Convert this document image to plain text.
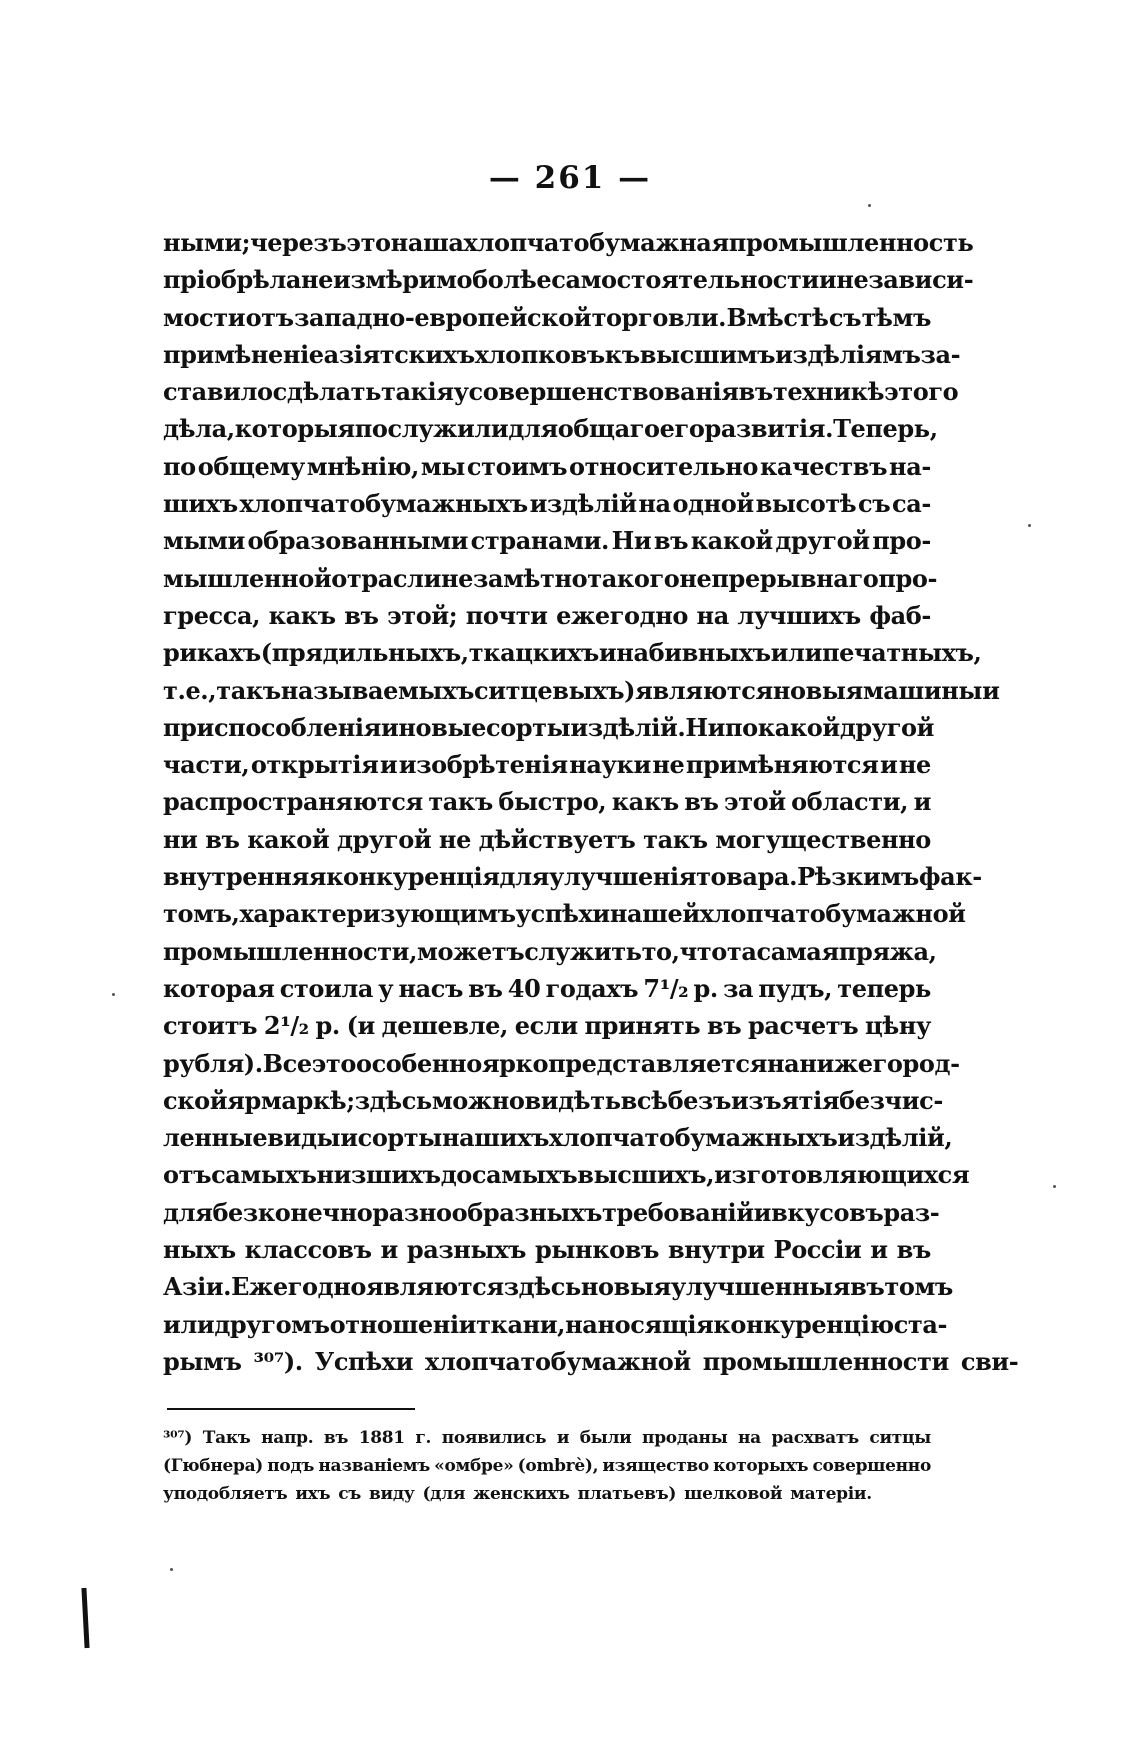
— 261 —
ными; черезъ это наша хлопчатобумажная промышленность
пріобрѣла неизмѣримо болѣе самостоятельности и независи-
мости отъ западно-европейской торговли. Вмѣстѣ съ тѣмъ
примѣненіе азіятскихъ хлопковъ къ высшимъ издѣліямъ за-
ставило сдѣлать такія усовершенствованія въ техникѣ этого
дѣла, которыя послужили для общаго его развитія. Теперь,
по общему мнѣнію, мы стоимъ относительно качествъ на-
шихъ хлопчатобумажныхъ издѣлій на одной высотѣ съ са-
мыми образованными странами. Ни въ какой другой про-
мышленной отрасли не замѣтно такого непрерывнаго про-
гресса, какъ въ этой; почти ежегодно на лучшихъ фаб-
рикахъ (прядильныхъ, ткацкихъ и набивныхъ или печатныхъ,
т. е., такъ называемыхъ ситцевыхъ) являются новыя машины и
приспособленія и новые сорты издѣлій. Ни по какой другой
части, открытія и изобрѣтенія науки не примѣняются и не
распространяются такъ быстро, какъ въ этой области, и
ни въ какой другой не дѣйствуетъ такъ могущественно
внутренняя конкуренція для улучшенія товара. Рѣзкимъ фак-
томъ, характеризующимъ успѣхи нашей хлопчатобумажной
промышленности, можетъ служить то, что та самая пряжа,
которая стоила у насъ въ 40 годахъ 7¹/₂ р. за пудъ, теперь
стоитъ 2¹/₂ р. (и дешевле, если принять въ расчетъ цѣну
рубля). Все это особенно ярко представляется на нижегород-
ской ярмаркѣ; здѣсь можно видѣть всѣ безъ изъятія безчис-
ленные виды и сорты нашихъ хлопчатобумажныхъ издѣлій,
отъ самыхъ низшихъ до самыхъ высшихъ, изготовляющихся
для безконечно разнообразныхъ требованій и вкусовъ раз-
ныхъ классовъ и разныхъ рынковъ внутри Россіи и въ
Азіи. Ежегодно являются здѣсь новыя улучшенныя въ томъ
или другомъ отношеніи ткани, наносящія конкуренцію ста-
рымъ ³⁰⁷). Успѣхи хлопчатобумажной промышленности сви-
³⁰⁷) Такъ напр. въ 1881 г. появились и были проданы на расхватъ ситцы
(Гюбнера) подъ названіемъ «омбре» (ombrè), изящество которыхъ совершенно
уподобляетъ ихъ съ виду (для женскихъ платьевъ) шелковой матеріи.
